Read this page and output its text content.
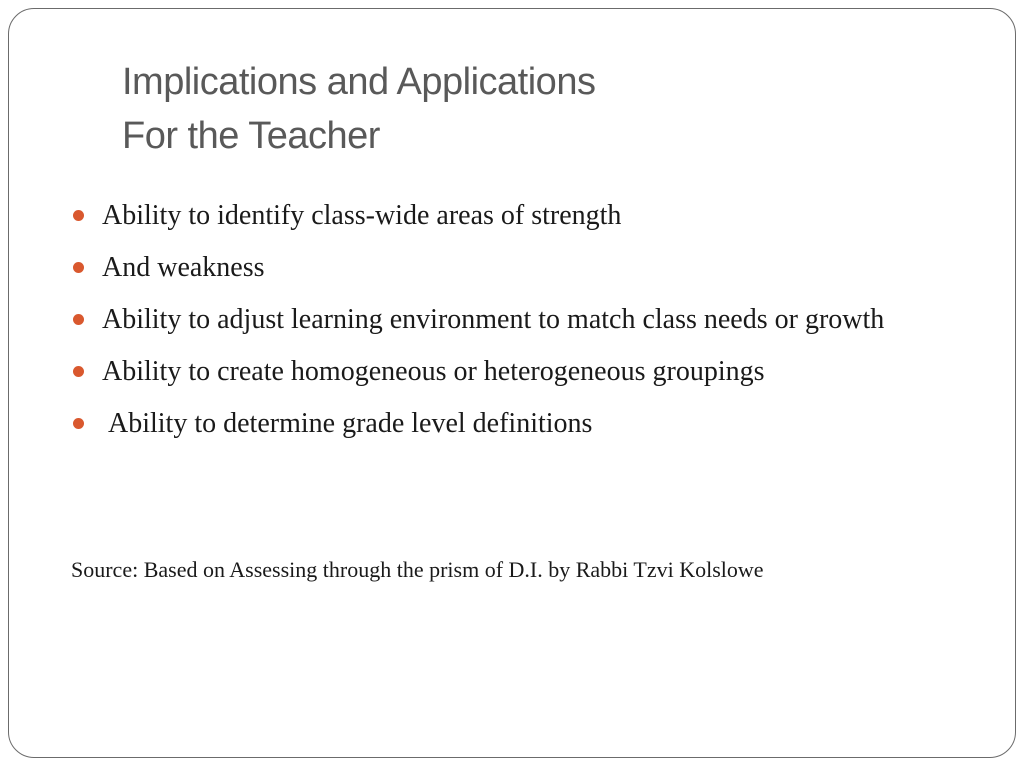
Implications and Applications
For the Teacher
Ability to identify class-wide areas of strength
And weakness
Ability to adjust learning environment to match class needs or growth
Ability to create homogeneous or heterogeneous groupings
Ability to determine grade level definitions

Source: Based on Assessing through the prism of D.I. by Rabbi Tzvi Kolslowe
